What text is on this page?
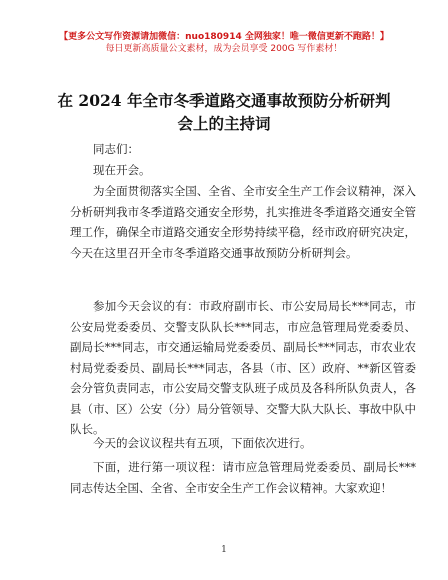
【更多公文写作资源请加微信：nuo180914 全网独家！唯一微信更新不跑路！】
每日更新高质量公文素材，成为会员享受 200G 写作素材！
在 2024 年全市冬季道路交通事故预防分析研判
会上的主持词

同志们：

现在开会。

为全面贯彻落实全国、全省、全市安全生产工作会议精神，深入分析研判我市冬季道路交通安全形势，扎实推进冬季道路交通安全管理工作，确保全市道路交通安全形势持续平稳，经市政府研究决定，今天在这里召开全市冬季道路交通事故预防分析研判会。

参加今天会议的有：市政府副市长、市公安局局长***同志，市公安局党委委员、交警支队队长***同志，市应急管理局党委委员、副局长***同志，市交通运输局党委委员、副局长***同志，市农业农村局党委委员、副局长***同志，各县（市、区）政府、**新区管委会分管负责同志，市公安局交警支队班子成员及各科所队负责人，各县（市、区）公安（分）局分管领导、交警大队大队长、事故中队中队长。

今天的会议议程共有五项，下面依次进行。

下面，进行第一项议程：请市应急管理局党委委员、副局长***同志传达全国、全省、全市安全生产工作会议精神。大家欢迎！

1
